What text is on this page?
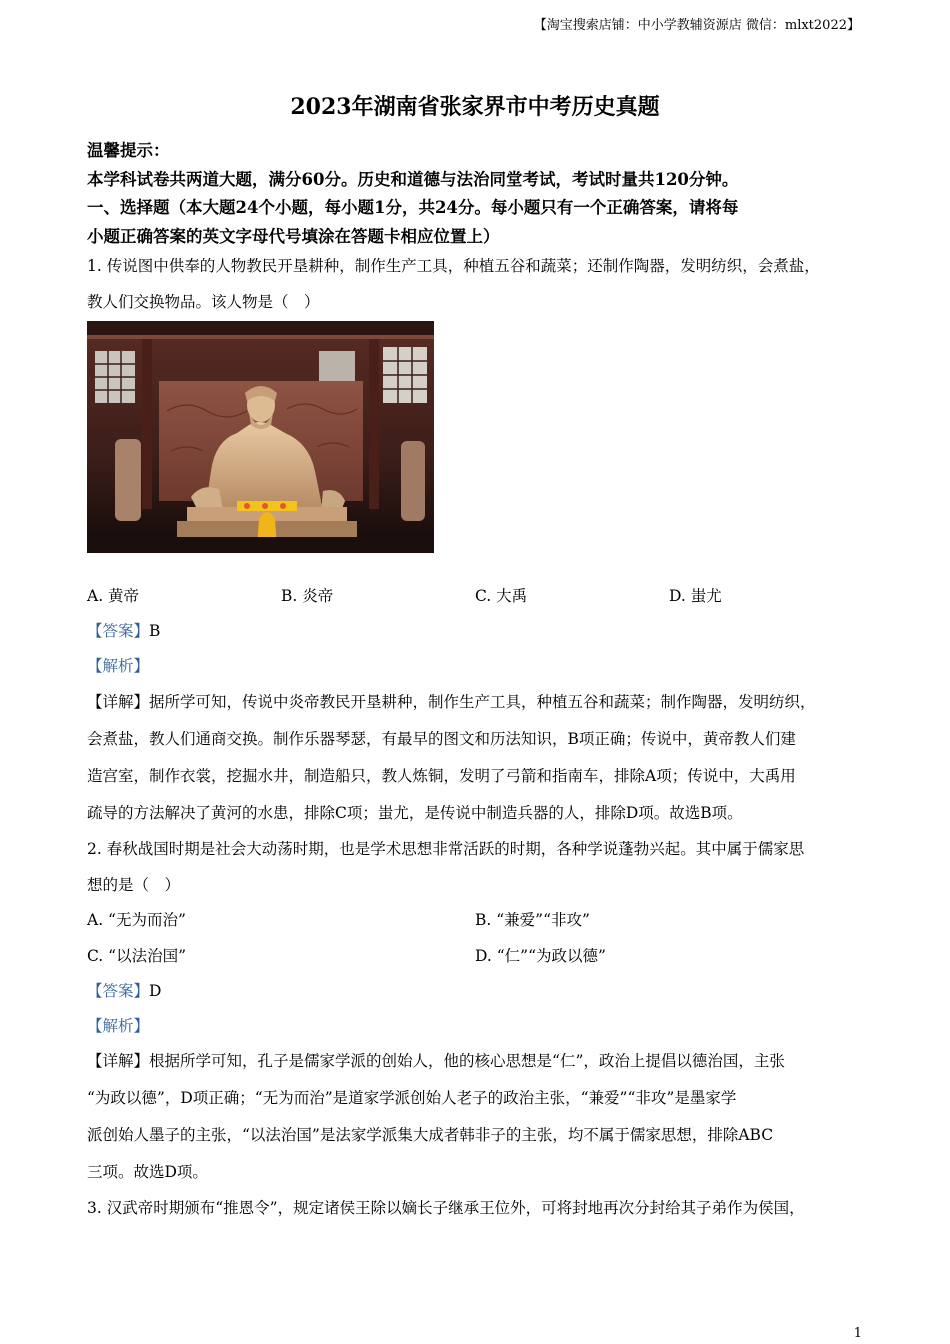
【淘宝搜索店铺：中小学教辅资源店 微信：mlxt2022】
2023年湖南省张家界市中考历史真题
温馨提示：
本学科试卷共两道大题，满分60分。历史和道德与法治同堂考试，考试时量共120分钟。
一、选择题（本大题24个小题，每小题1分，共24分。每小题只有一个正确答案，请将每
小题正确答案的英文字母代号填涂在答题卡相应位置上）
1. 传说图中供奉的人物教民开垦耕种，制作生产工具，种植五谷和蔬菜；还制作陶器，发明纺织，会煮盐，
教人们交换物品。该人物是（　）
A. 黄帝	B. 炎帝	C. 大禹	D. 蚩尤
【答案】B
【解析】
【详解】据所学可知，传说中炎帝教民开垦耕种，制作生产工具，种植五谷和蔬菜；制作陶器，发明纺织，
会煮盐，教人们通商交换。制作乐器琴瑟，有最早的图文和历法知识，B项正确；传说中，黄帝教人们建
造宫室，制作衣裳，挖掘水井，制造船只，教人炼铜，发明了弓箭和指南车，排除A项；传说中，大禹用
疏导的方法解决了黄河的水患，排除C项；蚩尤，是传说中制造兵器的人，排除D项。故选B项。
2. 春秋战国时期是社会大动荡时期，也是学术思想非常活跃的时期，各种学说蓬勃兴起。其中属于儒家思
想的是（　）
A. “无为而治”	B. “兼爱”“非攻”
C. “以法治国”	D. “仁”“为政以德”
【答案】D
【解析】
【详解】根据所学可知，孔子是儒家学派的创始人，他的核心思想是“仁”，政治上提倡以德治国，主张
“为政以德”，D项正确；“无为而治”是道家学派创始人老子的政治主张，“兼爱”“非攻”是墨家学
派创始人墨子的主张，“以法治国”是法家学派集大成者韩非子的主张，均不属于儒家思想，排除ABC
三项。故选D项。
3. 汉武帝时期颁布“推恩令”，规定诸侯王除以嫡长子继承王位外，可将封地再次分封给其子弟作为侯国，
1
